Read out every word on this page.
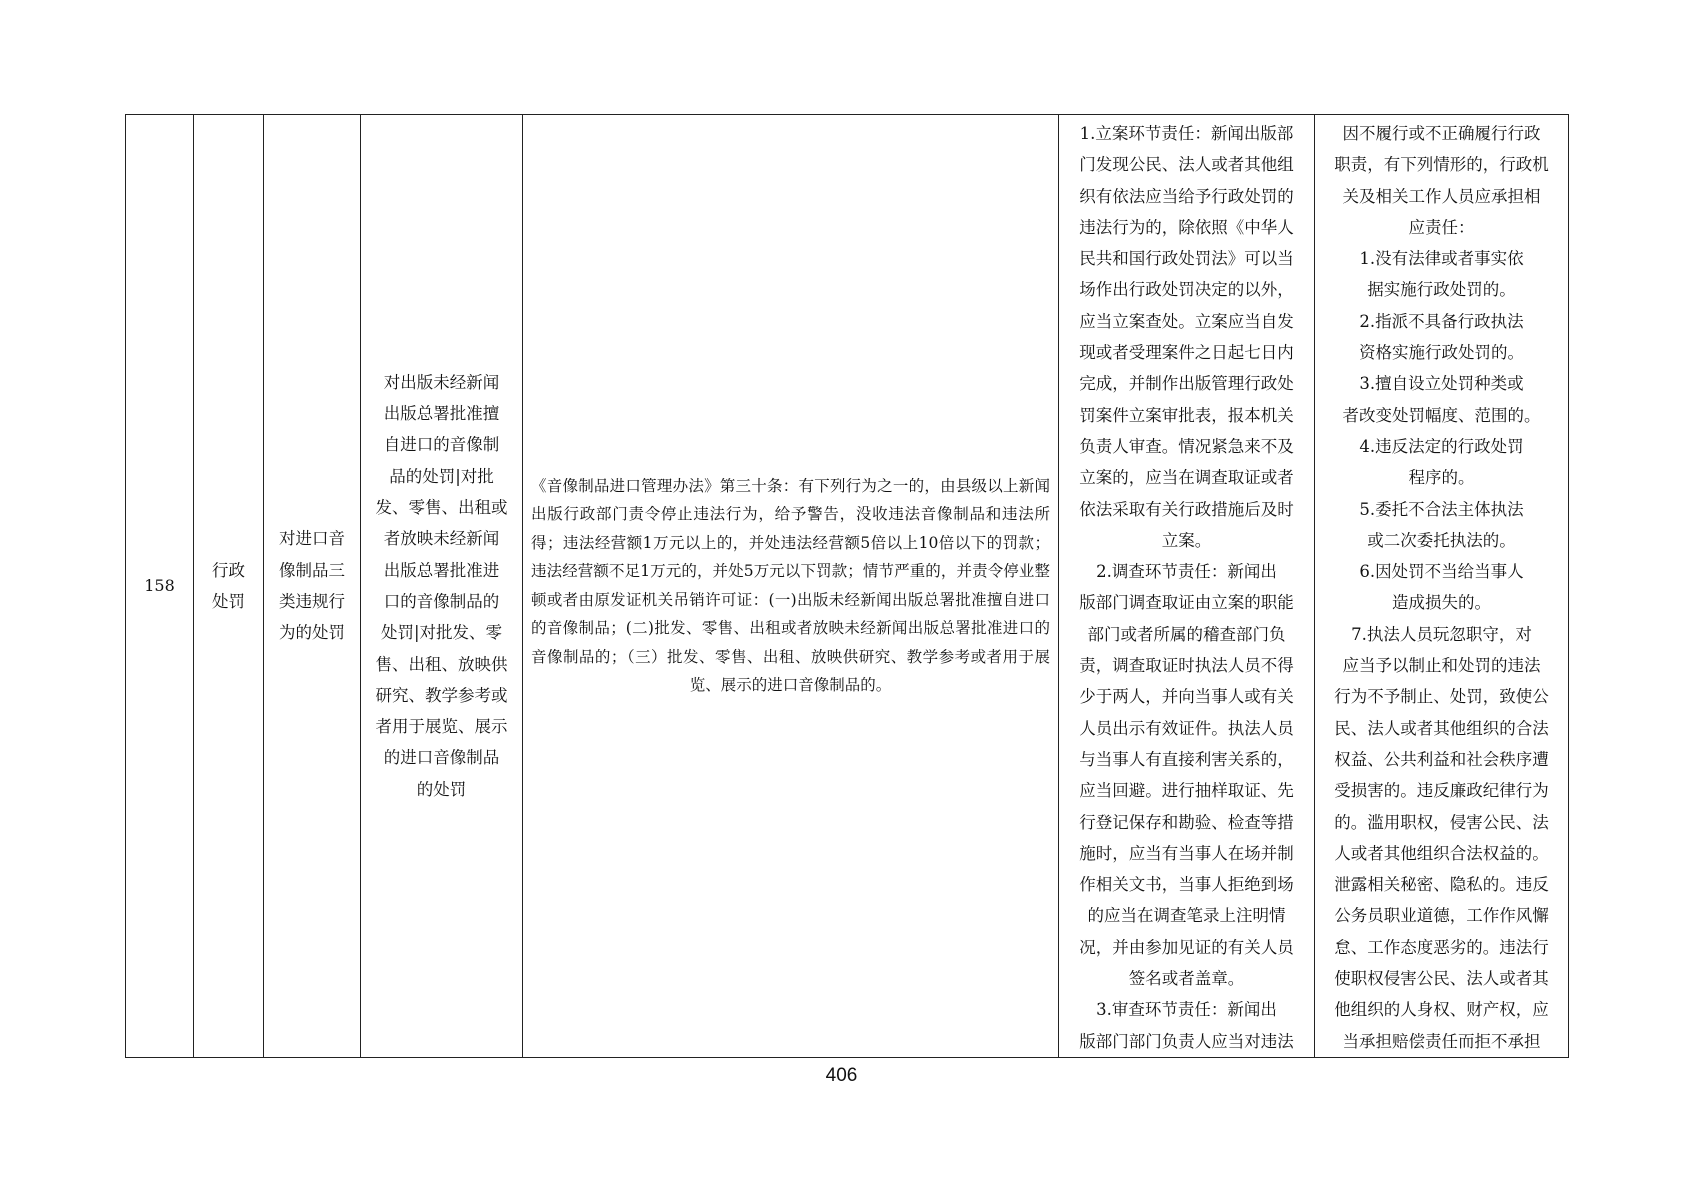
158

行政
处罚

对进口音
像制品三
类违规行
为的处罚

对出版未经新闻
出版总署批准擅
自进口的音像制
品的处罚|对批
发、零售、出租或
者放映未经新闻
出版总署批准进
口的音像制品的
处罚|对批发、零
售、出租、放映供
研究、教学参考或
者用于展览、展示
的进口音像制品
的处罚

《音像制品进口管理办法》第三十条：有下列行为之一的，由县级以上新闻出版行政部门责令停止违法行为，给予警告，没收违法音像制品和违法所得；违法经营额1万元以上的，并处违法经营额5倍以上10倍以下的罚款；违法经营额不足1万元的，并处5万元以下罚款；情节严重的，并责令停业整顿或者由原发证机关吊销许可证：(一)出版未经新闻出版总署批准擅自进口的音像制品；(二)批发、零售、出租或者放映未经新闻出版总署批准进口的音像制品的；（三）批发、零售、出租、放映供研究、教学参考或者用于展览、展示的进口音像制品的。

1.立案环节责任：新闻出版部
门发现公民、法人或者其他组
织有依法应当给予行政处罚的
违法行为的，除依照《中华人
民共和国行政处罚法》可以当
场作出行政处罚决定的以外，
应当立案查处。立案应当自发
现或者受理案件之日起七日内
完成，并制作出版管理行政处
罚案件立案审批表，报本机关
负责人审查。情况紧急来不及
立案的，应当在调查取证或者
依法采取有关行政措施后及时
立案。
2.调查环节责任：新闻出
版部门调查取证由立案的职能
部门或者所属的稽查部门负
责，调查取证时执法人员不得
少于两人，并向当事人或有关
人员出示有效证件。执法人员
与当事人有直接利害关系的，
应当回避。进行抽样取证、先
行登记保存和勘验、检查等措
施时，应当有当事人在场并制
作相关文书，当事人拒绝到场
的应当在调查笔录上注明情
况，并由参加见证的有关人员
签名或者盖章。
3.审查环节责任：新闻出
版部门部门负责人应当对违法

因不履行或不正确履行行政
职责，有下列情形的，行政机
关及相关工作人员应承担相
应责任：
1.没有法律或者事实依
据实施行政处罚的。
2.指派不具备行政执法
资格实施行政处罚的。
3.擅自设立处罚种类或
者改变处罚幅度、范围的。
4.违反法定的行政处罚
程序的。
5.委托不合法主体执法
或二次委托执法的。
6.因处罚不当给当事人
造成损失的。
7.执法人员玩忽职守，对
应当予以制止和处罚的违法
行为不予制止、处罚，致使公
民、法人或者其他组织的合法
权益、公共利益和社会秩序遭
受损害的。违反廉政纪律行为
的。滥用职权，侵害公民、法
人或者其他组织合法权益的。
泄露相关秘密、隐私的。违反
公务员职业道德，工作作风懈
怠、工作态度恶劣的。违法行
使职权侵害公民、法人或者其
他组织的人身权、财产权，应
当承担赔偿责任而拒不承担
406
